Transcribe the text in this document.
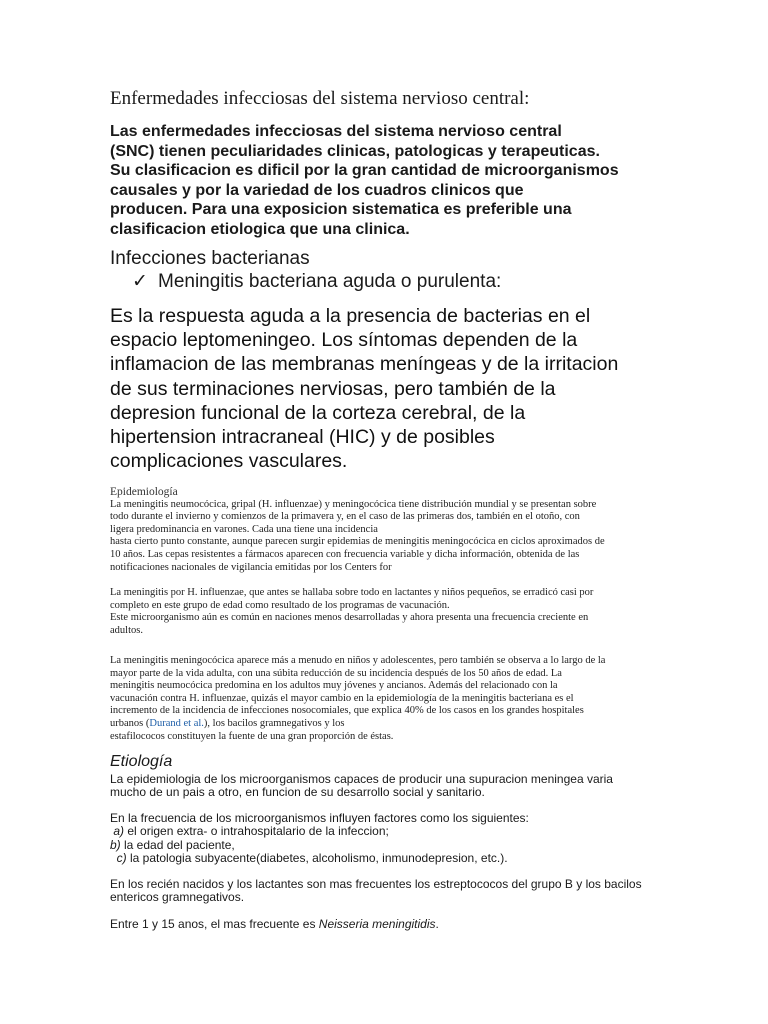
Enfermedades infecciosas del sistema nervioso central:
Las enfermedades infecciosas del sistema nervioso central
(SNC) tienen peculiaridades clinicas, patologicas y terapeuticas.
Su clasificacion es dificil por la gran cantidad de microorganismos
causales y por la variedad de los cuadros clinicos que
producen. Para una exposicion sistematica es preferible una
clasificacion etiologica que una clinica.
Infecciones bacterianas
✓ Meningitis bacteriana aguda o purulenta:
Es la respuesta aguda a la presencia de bacterias en el
espacio leptomeningeo. Los síntomas dependen de la
inflamacion de las membranas meníngeas y de la irritacion
de sus terminaciones nerviosas, pero también de la
depresion funcional de la corteza cerebral, de la
hipertension intracraneal (HIC) y de posibles
complicaciones vasculares.
Epidemiología
La meningitis neumocócica, gripal (H. influenzae) y meningocócica tiene distribución mundial y se presentan sobre
todo durante el invierno y comienzos de la primavera y, en el caso de las primeras dos, también en el otoño, con
ligera predominancia en varones. Cada una tiene una incidencia
hasta cierto punto constante, aunque parecen surgir epidemias de meningitis meningocócica en ciclos aproximados de
10 años. Las cepas resistentes a fármacos aparecen con frecuencia variable y dicha información, obtenida de las
notificaciones nacionales de vigilancia emitidas por los Centers for
La meningitis por H. influenzae, que antes se hallaba sobre todo en lactantes y niños pequeños, se erradicó casi por
completo en este grupo de edad como resultado de los programas de vacunación.
Este microorganismo aún es común en naciones menos desarrolladas y ahora presenta una frecuencia creciente en
adultos.
La meningitis meningocócica aparece más a menudo en niños y adolescentes, pero también se observa a lo largo de la
mayor parte de la vida adulta, con una súbita reducción de su incidencia después de los 50 años de edad. La
meningitis neumocócica predomina en los adultos muy jóvenes y ancianos. Además del relacionado con la
vacunación contra H. influenzae, quizás el mayor cambio en la epidemiología de la meningitis bacteriana es el
incremento de la incidencia de infecciones nosocomiales, que explica 40% de los casos en los grandes hospitales
urbanos (Durand et al.), los bacilos gramnegativos y los
estafilococos constituyen la fuente de una gran proporción de éstas.
Etiología
La epidemiologia de los microorganismos capaces de producir una supuracion meningea varia
mucho de un pais a otro, en funcion de su desarrollo social y sanitario.
En la frecuencia de los microorganismos influyen factores como los siguientes:
a) el origen extra- o intrahospitalario de la infeccion;
b) la edad del paciente,
c) la patologia subyacente(diabetes, alcoholismo, inmunodepresion, etc.).
En los recién nacidos y los lactantes son mas frecuentes los estreptococos del grupo B y los bacilos
entericos gramnegativos.
Entre 1 y 15 anos, el mas frecuente es Neisseria meningitidis.
